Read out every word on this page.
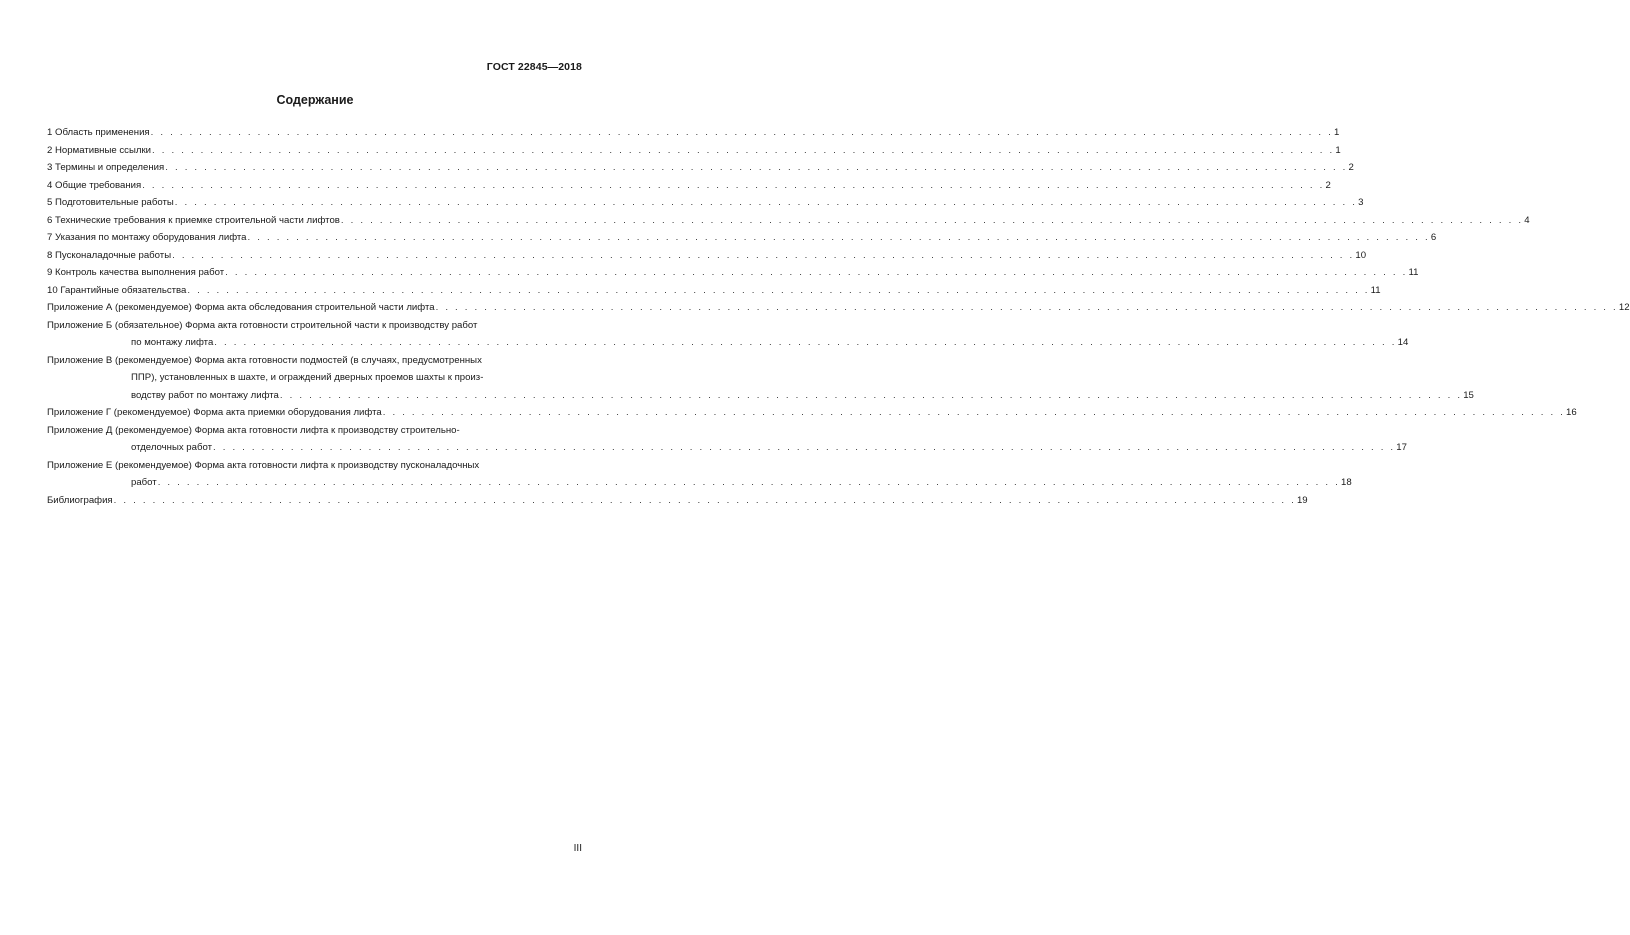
ГОСТ 22845—2018
Содержание
1 Область применения . . . . . . . . . . . . . . . . . . . . . . . . . . . . . . . . . . . . . . . . . . . . . . . . . . . . . . . . . . . . . . . . . . . . . . . . . . . . . . . . . . . . . . . . . . . . . . . . . . . . . . . . . . . . . . . . . . . . . . . . . . 1
2 Нормативные ссылки . . . . . . . . . . . . . . . . . . . . . . . . . . . . . . . . . . . . . . . . . . . . . . . . . . . . . . . . . . . . . . . . . . . . . . . . . . . . . . . . . . . . . . . . . . . . . . . . . . . . . . . . . . . . . . . . . . . . . . . . . . 1
3 Термины и определения . . . . . . . . . . . . . . . . . . . . . . . . . . . . . . . . . . . . . . . . . . . . . . . . . . . . . . . . . . . . . . . . . . . . . . . . . . . . . . . . . . . . . . . . . . . . . . . . . . . . . . . . . . . . . . . . . . . . . . . . . . 2
4 Общие требования . . . . . . . . . . . . . . . . . . . . . . . . . . . . . . . . . . . . . . . . . . . . . . . . . . . . . . . . . . . . . . . . . . . . . . . . . . . . . . . . . . . . . . . . . . . . . . . . . . . . . . . . . . . . . . . . . . . . . . . . . . 2
5 Подготовительные работы . . . . . . . . . . . . . . . . . . . . . . . . . . . . . . . . . . . . . . . . . . . . . . . . . . . . . . . . . . . . . . . . . . . . . . . . . . . . . . . . . . . . . . . . . . . . . . . . . . . . . . . . . . . . . . . . . . . . . . . . . . 3
6 Технические требования к приемке строительной части лифтов . . . . . . . . . . . . . . . . . . . . . . . . . . . . . . . . . . . . . . . . . . . . . . . . . . . . . . . . . . . . . . . . . . . . . . . . . . . . . . . . . . . . . . . . . . . . . . . . . . . . . . . . . . . . . . . . . . . . . . . . . . 4
7 Указания по монтажу оборудования лифта . . . . . . . . . . . . . . . . . . . . . . . . . . . . . . . . . . . . . . . . . . . . . . . . . . . . . . . . . . . . . . . . . . . . . . . . . . . . . . . . . . . . . . . . . . . . . . . . . . . . . . . . . . . . . . . . . . . . . . . . . . 6
8 Пусконаладочные работы . . . . . . . . . . . . . . . . . . . . . . . . . . . . . . . . . . . . . . . . . . . . . . . . . . . . . . . . . . . . . . . . . . . . . . . . . . . . . . . . . . . . . . . . . . . . . . . . . . . . . . . . . . . . . . . . . . . . . . . . . . 10
9 Контроль качества выполнения работ . . . . . . . . . . . . . . . . . . . . . . . . . . . . . . . . . . . . . . . . . . . . . . . . . . . . . . . . . . . . . . . . . . . . . . . . . . . . . . . . . . . . . . . . . . . . . . . . . . . . . . . . . . . . . . . . . . . . . . . . . . 11
10 Гарантийные обязательства . . . . . . . . . . . . . . . . . . . . . . . . . . . . . . . . . . . . . . . . . . . . . . . . . . . . . . . . . . . . . . . . . . . . . . . . . . . . . . . . . . . . . . . . . . . . . . . . . . . . . . . . . . . . . . . . . . . . . . . . . . 11
Приложение А (рекомендуемое) Форма акта обследования строительной части лифта . . . . . . . . . . . . . . . . . . . . . . . . . . . . . . . . . . . . . . . . . . . . . . . . . . . . . . . . . . . . . . . . . . . . . . . . . . . . . . . . . . . . . . . . . . . . . . . . . . . . . . . . . . . . . . . . . . . . . . . . . . 12
Приложение Б (обязательное) Форма акта готовности строительной части к производству работ
по монтажу лифта . . . . . . . . . . . . . . . . . . . . . . . . . . . . . . . . . . . . . . . . . . . . . . . . . . . . . . . . . . . . . . . . . . . . . . . . . . . . . . . . . . . . . . . . . . . . . . . . . . . . . . . . . . . . . . . . . . . . . . . . . . 14
Приложение В (рекомендуемое) Форма акта готовности подмостей (в случаях, предусмотренных
ППР), установленных в шахте, и ограждений дверных проемов шахты к произ-
водству работ по монтажу лифта . . . . . . . . . . . . . . . . . . . . . . . . . . . . . . . . . . . . . . . . . . . . . . . . . . . . . . . . . . . . . . . . . . . . . . . . . . . . . . . . . . . . . . . . . . . . . . . . . . . . . . . . . . . . . . . . . . . . . . . . . . 15
Приложение Г (рекомендуемое) Форма акта приемки оборудования лифта . . . . . . . . . . . . . . . . . . . . . . . . . . . . . . . . . . . . . . . . . . . . . . . . . . . . . . . . . . . . . . . . . . . . . . . . . . . . . . . . . . . . . . . . . . . . . . . . . . . . . . . . . . . . . . . . . . . . . . . . . . 16
Приложение Д (рекомендуемое) Форма акта готовности лифта к производству строительно-
отделочных работ . . . . . . . . . . . . . . . . . . . . . . . . . . . . . . . . . . . . . . . . . . . . . . . . . . . . . . . . . . . . . . . . . . . . . . . . . . . . . . . . . . . . . . . . . . . . . . . . . . . . . . . . . . . . . . . . . . . . . . . . . . 17
Приложение Е (рекомендуемое) Форма акта готовности лифта к производству пусконаладочных
работ . . . . . . . . . . . . . . . . . . . . . . . . . . . . . . . . . . . . . . . . . . . . . . . . . . . . . . . . . . . . . . . . . . . . . . . . . . . . . . . . . . . . . . . . . . . . . . . . . . . . . . . . . . . . . . . . . . . . . . . . . . 18
Библиография . . . . . . . . . . . . . . . . . . . . . . . . . . . . . . . . . . . . . . . . . . . . . . . . . . . . . . . . . . . . . . . . . . . . . . . . . . . . . . . . . . . . . . . . . . . . . . . . . . . . . . . . . . . . . . . . . . . . . . . . . . 19
III
